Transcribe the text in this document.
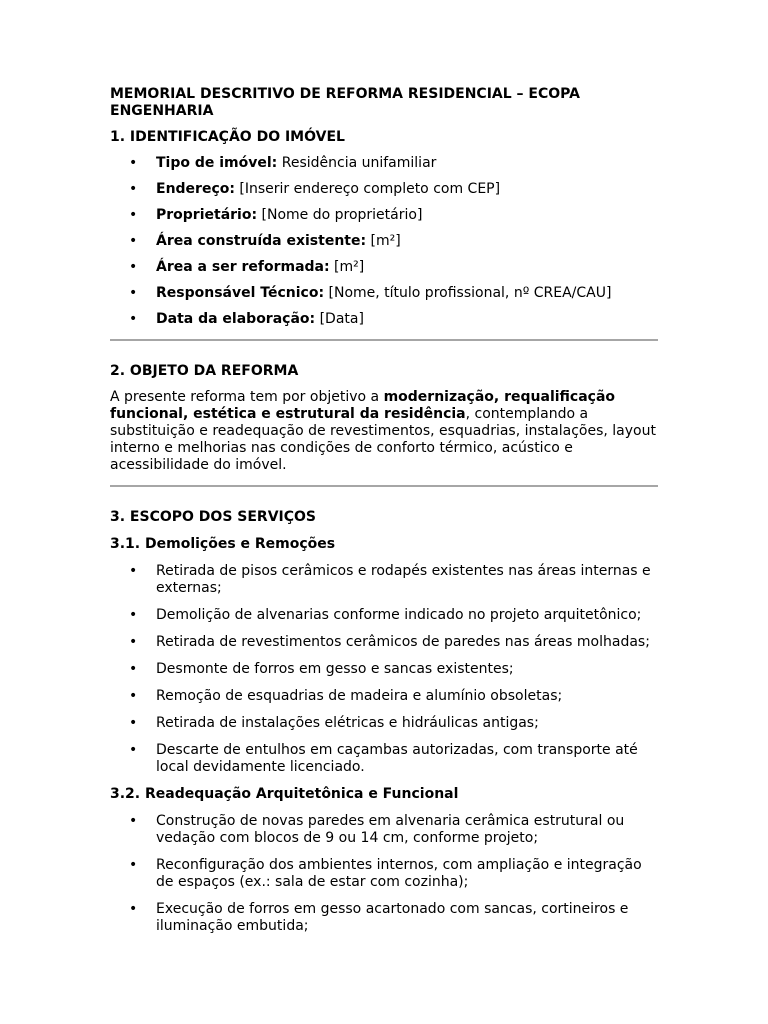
MEMORIAL DESCRITIVO DE REFORMA RESIDENCIAL – ECOPA ENGENHARIA
1. IDENTIFICAÇÃO DO IMÓVEL
• Tipo de imóvel: Residência unifamiliar
• Endereço: [Inserir endereço completo com CEP]
• Proprietário: [Nome do proprietário]
• Área construída existente: [m²]
• Área a ser reformada: [m²]
• Responsável Técnico: [Nome, título profissional, nº CREA/CAU]
• Data da elaboração: [Data]
2. OBJETO DA REFORMA

A presente reforma tem por objetivo a modernização, requalificação funcional, estética e estrutural da residência, contemplando a substituição e readequação de revestimentos, esquadrias, instalações, layout interno e melhorias nas condições de conforto térmico, acústico e acessibilidade do imóvel.

3. ESCOPO DOS SERVIÇOS
3.1. Demolições e Remoções
• Retirada de pisos cerâmicos e rodapés existentes nas áreas internas e externas;
• Demolição de alvenarias conforme indicado no projeto arquitetônico;
• Retirada de revestimentos cerâmicos de paredes nas áreas molhadas;
• Desmonte de forros em gesso e sancas existentes;
• Remoção de esquadrias de madeira e alumínio obsoletas;
• Retirada de instalações elétricas e hidráulicas antigas;
• Descarte de entulhos em caçambas autorizadas, com transporte até local devidamente licenciado.
3.2. Readequação Arquitetônica e Funcional
• Construção de novas paredes em alvenaria cerâmica estrutural ou vedação com blocos de 9 ou 14 cm, conforme projeto;
• Reconfiguração dos ambientes internos, com ampliação e integração de espaços (ex.: sala de estar com cozinha);
• Execução de forros em gesso acartonado com sancas, cortineiros e iluminação embutida;
